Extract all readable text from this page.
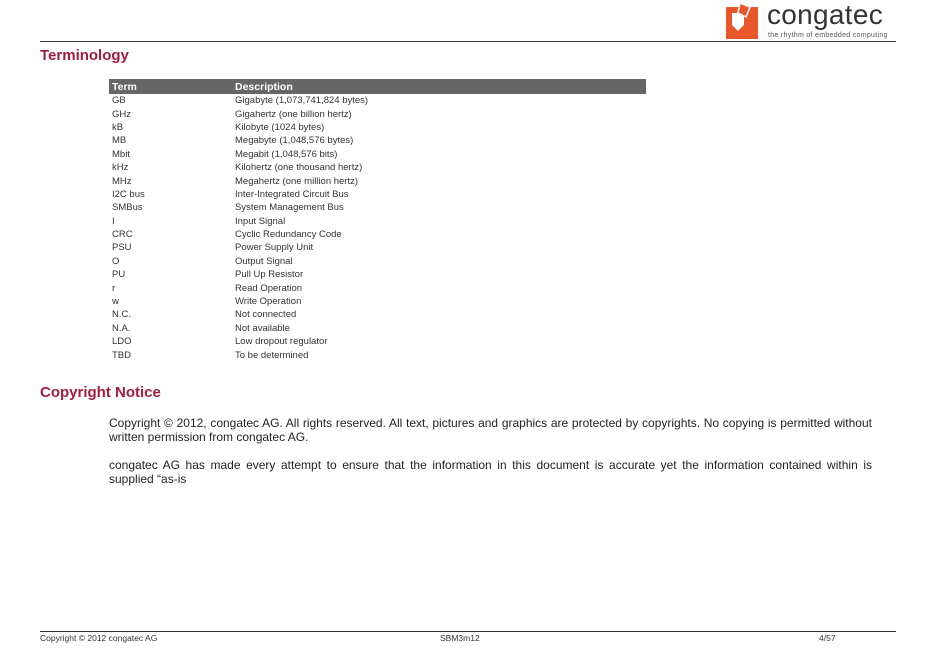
congatec
the rhythm of embedded computing
Terminology
Term	Description
GB	Gigabyte (1,073,741,824 bytes)
GHz	Gigahertz (one billion hertz)
kB	Kilobyte (1024 bytes)
MB	Megabyte (1,048,576 bytes)
Mbit	Megabit (1,048,576 bits)
kHz	Kilohertz (one thousand hertz)
MHz	Megahertz (one million hertz)
I2C bus	Inter-Integrated Circuit Bus
SMBus	System Management Bus
I	Input Signal
CRC	Cyclic Redundancy Code
PSU	Power Supply Unit
O	Output Signal
PU	Pull Up Resistor
r	Read Operation
w	Write Operation
N.C.	Not connected
N.A.	Not available
LDO	Low dropout regulator
TBD	To be determined
Copyright Notice

Copyright © 2012, congatec AG. All rights reserved. All text, pictures and graphics are protected by copyrights. No copying is permitted without written permission from congatec AG.

congatec AG has made every attempt to ensure that the information in this document is accurate yet the information contained within is supplied “as-is

Copyright © 2012 congatec AG	SBM3m12	4/57
